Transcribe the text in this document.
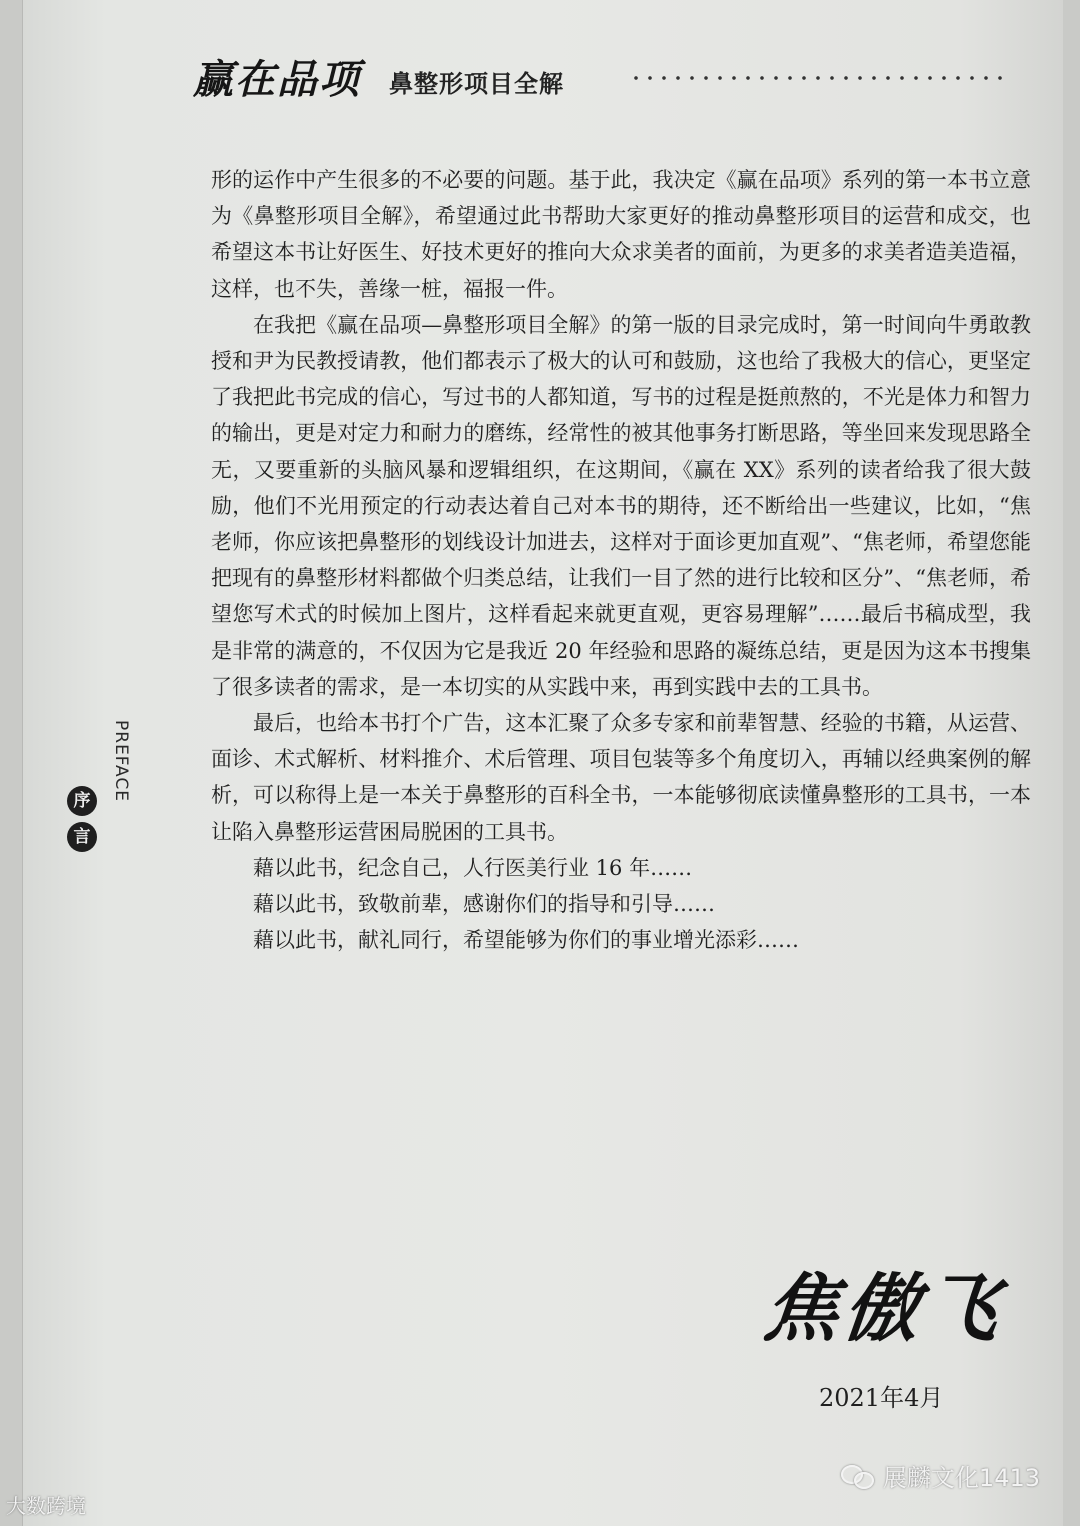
赢在品项 鼻整形项目全解

形的运作中产生很多的不必要的问题。基于此，我决定《赢在品项》系列的第一本书立意为《鼻整形项目全解》，希望通过此书帮助大家更好的推动鼻整形项目的运营和成交，也希望这本书让好医生、好技术更好的推向大众求美者的面前，为更多的求美者造美造福，这样，也不失，善缘一桩，福报一件。

在我把《赢在品项—鼻整形项目全解》的第一版的目录完成时，第一时间向牛勇敢教授和尹为民教授请教，他们都表示了极大的认可和鼓励，这也给了我极大的信心，更坚定了我把此书完成的信心，写过书的人都知道，写书的过程是挺煎熬的，不光是体力和智力的输出，更是对定力和耐力的磨练，经常性的被其他事务打断思路，等坐回来发现思路全无，又要重新的头脑风暴和逻辑组织，在这期间，《赢在 XX》系列的读者给我了很大鼓励，他们不光用预定的行动表达着自己对本书的期待，还不断给出一些建议，比如，“焦老师，你应该把鼻整形的划线设计加进去，这样对于面诊更加直观”、“焦老师，希望您能把现有的鼻整形材料都做个归类总结，让我们一目了然的进行比较和区分”、“焦老师，希望您写术式的时候加上图片，这样看起来就更直观，更容易理解”……最后书稿成型，我是非常的满意的，不仅因为它是我近 20 年经验和思路的凝练总结，更是因为这本书搜集了很多读者的需求，是一本切实的从实践中来，再到实践中去的工具书。

最后，也给本书打个广告，这本汇聚了众多专家和前辈智慧、经验的书籍，从运营、面诊、术式解析、材料推介、术后管理、项目包装等多个角度切入，再辅以经典案例的解析，可以称得上是一本关于鼻整形的百科全书，一本能够彻底读懂鼻整形的工具书，一本让陷入鼻整形运营困局脱困的工具书。

藉以此书，纪念自己，人行医美行业 16 年……

藉以此书，致敬前辈，感谢你们的指导和引导……

藉以此书，献礼同行，希望能够为你们的事业增光添彩……

PREFACE
序
言
焦傲飞
2021年4月
展麟文化1413
大数跨境
